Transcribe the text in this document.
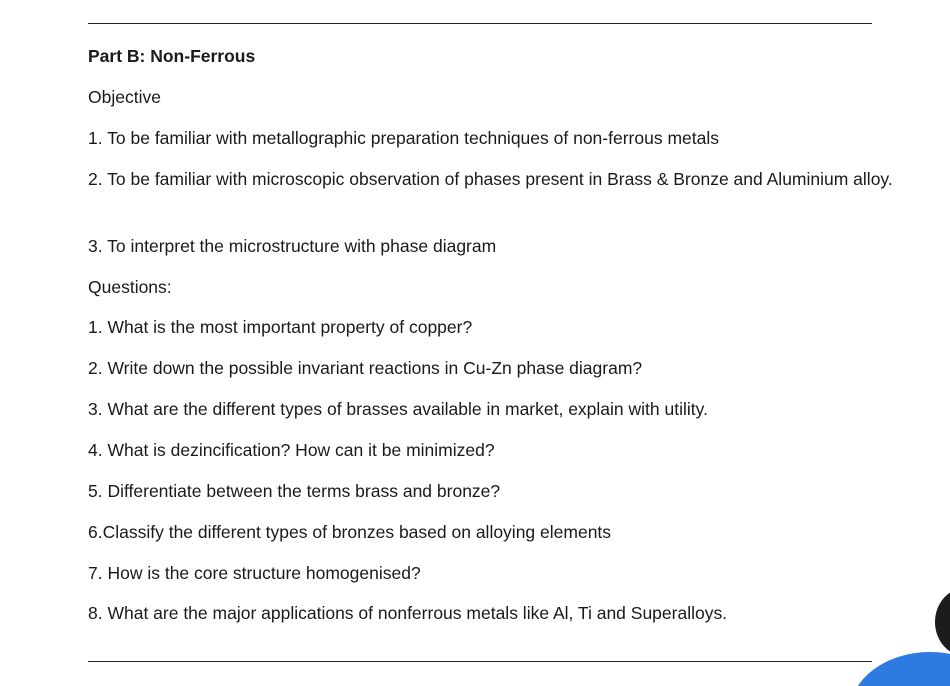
Part B: Non-Ferrous
Objective
1. To be familiar with metallographic preparation techniques of non-ferrous metals
2. To be familiar with microscopic observation of phases present in Brass & Bronze and Aluminium alloy.
3. To interpret the microstructure with phase diagram
Questions:
1. What is the most important property of copper?
2. Write down the possible invariant reactions in Cu-Zn phase diagram?
3. What are the different types of brasses available in market, explain with utility.
4. What is dezincification? How can it be minimized?
5. Differentiate between the terms brass and bronze?
6.Classify the different types of bronzes based on alloying elements
7. How is the core structure homogenised?
8. What are the major applications of nonferrous metals like Al, Ti and Superalloys.
